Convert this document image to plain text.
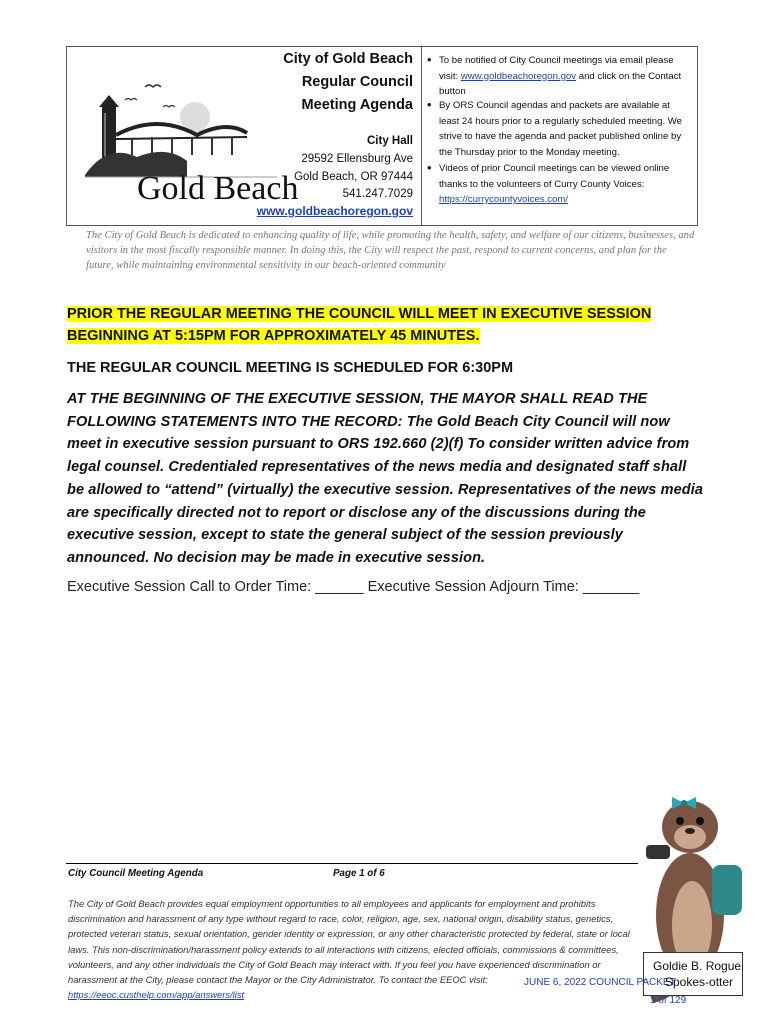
Gold Beach
City of Gold Beach
Regular Council
Meeting Agenda
City Hall
29592 Ellensburg Ave
Gold Beach, OR 97444
541.247.7029
www.goldbeachoregon.gov
• To be notified of City Council meetings via email please visit: www.goldbeachoregon.gov and click on the Contact button
• By ORS Council agendas and packets are available at least 24 hours prior to a regularly scheduled meeting. We strive to have the agenda and packet published online by the Thursday prior to the Monday meeting.
• Videos of prior Council meetings can be viewed online thanks to the volunteers of Curry County Voices: https://currycountyvoices.com/
The City of Gold Beach is dedicated to enhancing quality of life, while promoting the health, safety, and welfare of our citizens, businesses, and visitors in the most fiscally responsible manner. In doing this, the City will respect the past, respond to current concerns, and plan for the future, while maintaining environmental sensitivity in our beach-oriented community
PRIOR THE REGULAR MEETING THE COUNCIL WILL MEET IN EXECUTIVE SESSION
BEGINNING AT 5:15PM FOR APPROXIMATELY 45 MINUTES.
THE REGULAR COUNCIL MEETING IS SCHEDULED FOR 6:30PM
AT THE BEGINNING OF THE EXECUTIVE SESSION, THE MAYOR SHALL READ THE FOLLOWING STATEMENTS INTO THE RECORD: The Gold Beach City Council will now meet in executive session pursuant to ORS 192.660 (2)(f) To consider written advice from legal counsel. Credentialed representatives of the news media and designated staff shall be allowed to “attend” (virtually) the executive session. Representatives of the news media are specifically directed not to report or disclose any of the discussions during the executive session, except to state the general subject of the session previously announced. No decision may be made in executive session.
Executive Session Call to Order Time: ______ Executive Session Adjourn Time: _______
City Council Meeting Agenda	Page 1 of 6
The City of Gold Beach provides equal employment opportunities to all employees and applicants for employment and prohibits discrimination and harassment of any type without regard to race, color, religion, age, sex, national origin, disability status, genetics, protected veteran status, sexual orientation, gender identity or expression, or any other characteristic protected by federal, state or local laws. This non-discrimination/harassment policy extends to all interactions with citizens, elected officials, commissions & committees, volunteers, and any other individuals the City of Gold Beach may interact with. If you feel you have experienced discrimination or harassment at the City, please contact the Mayor or the City Administrator. To contact the EEOC visit: https://eeoc.custhelp.com/app/answers/list
Goldie B. Rogue
JUNE 6, 2022 COUNCIL PACKET
Spokes-otter
1 of 129
